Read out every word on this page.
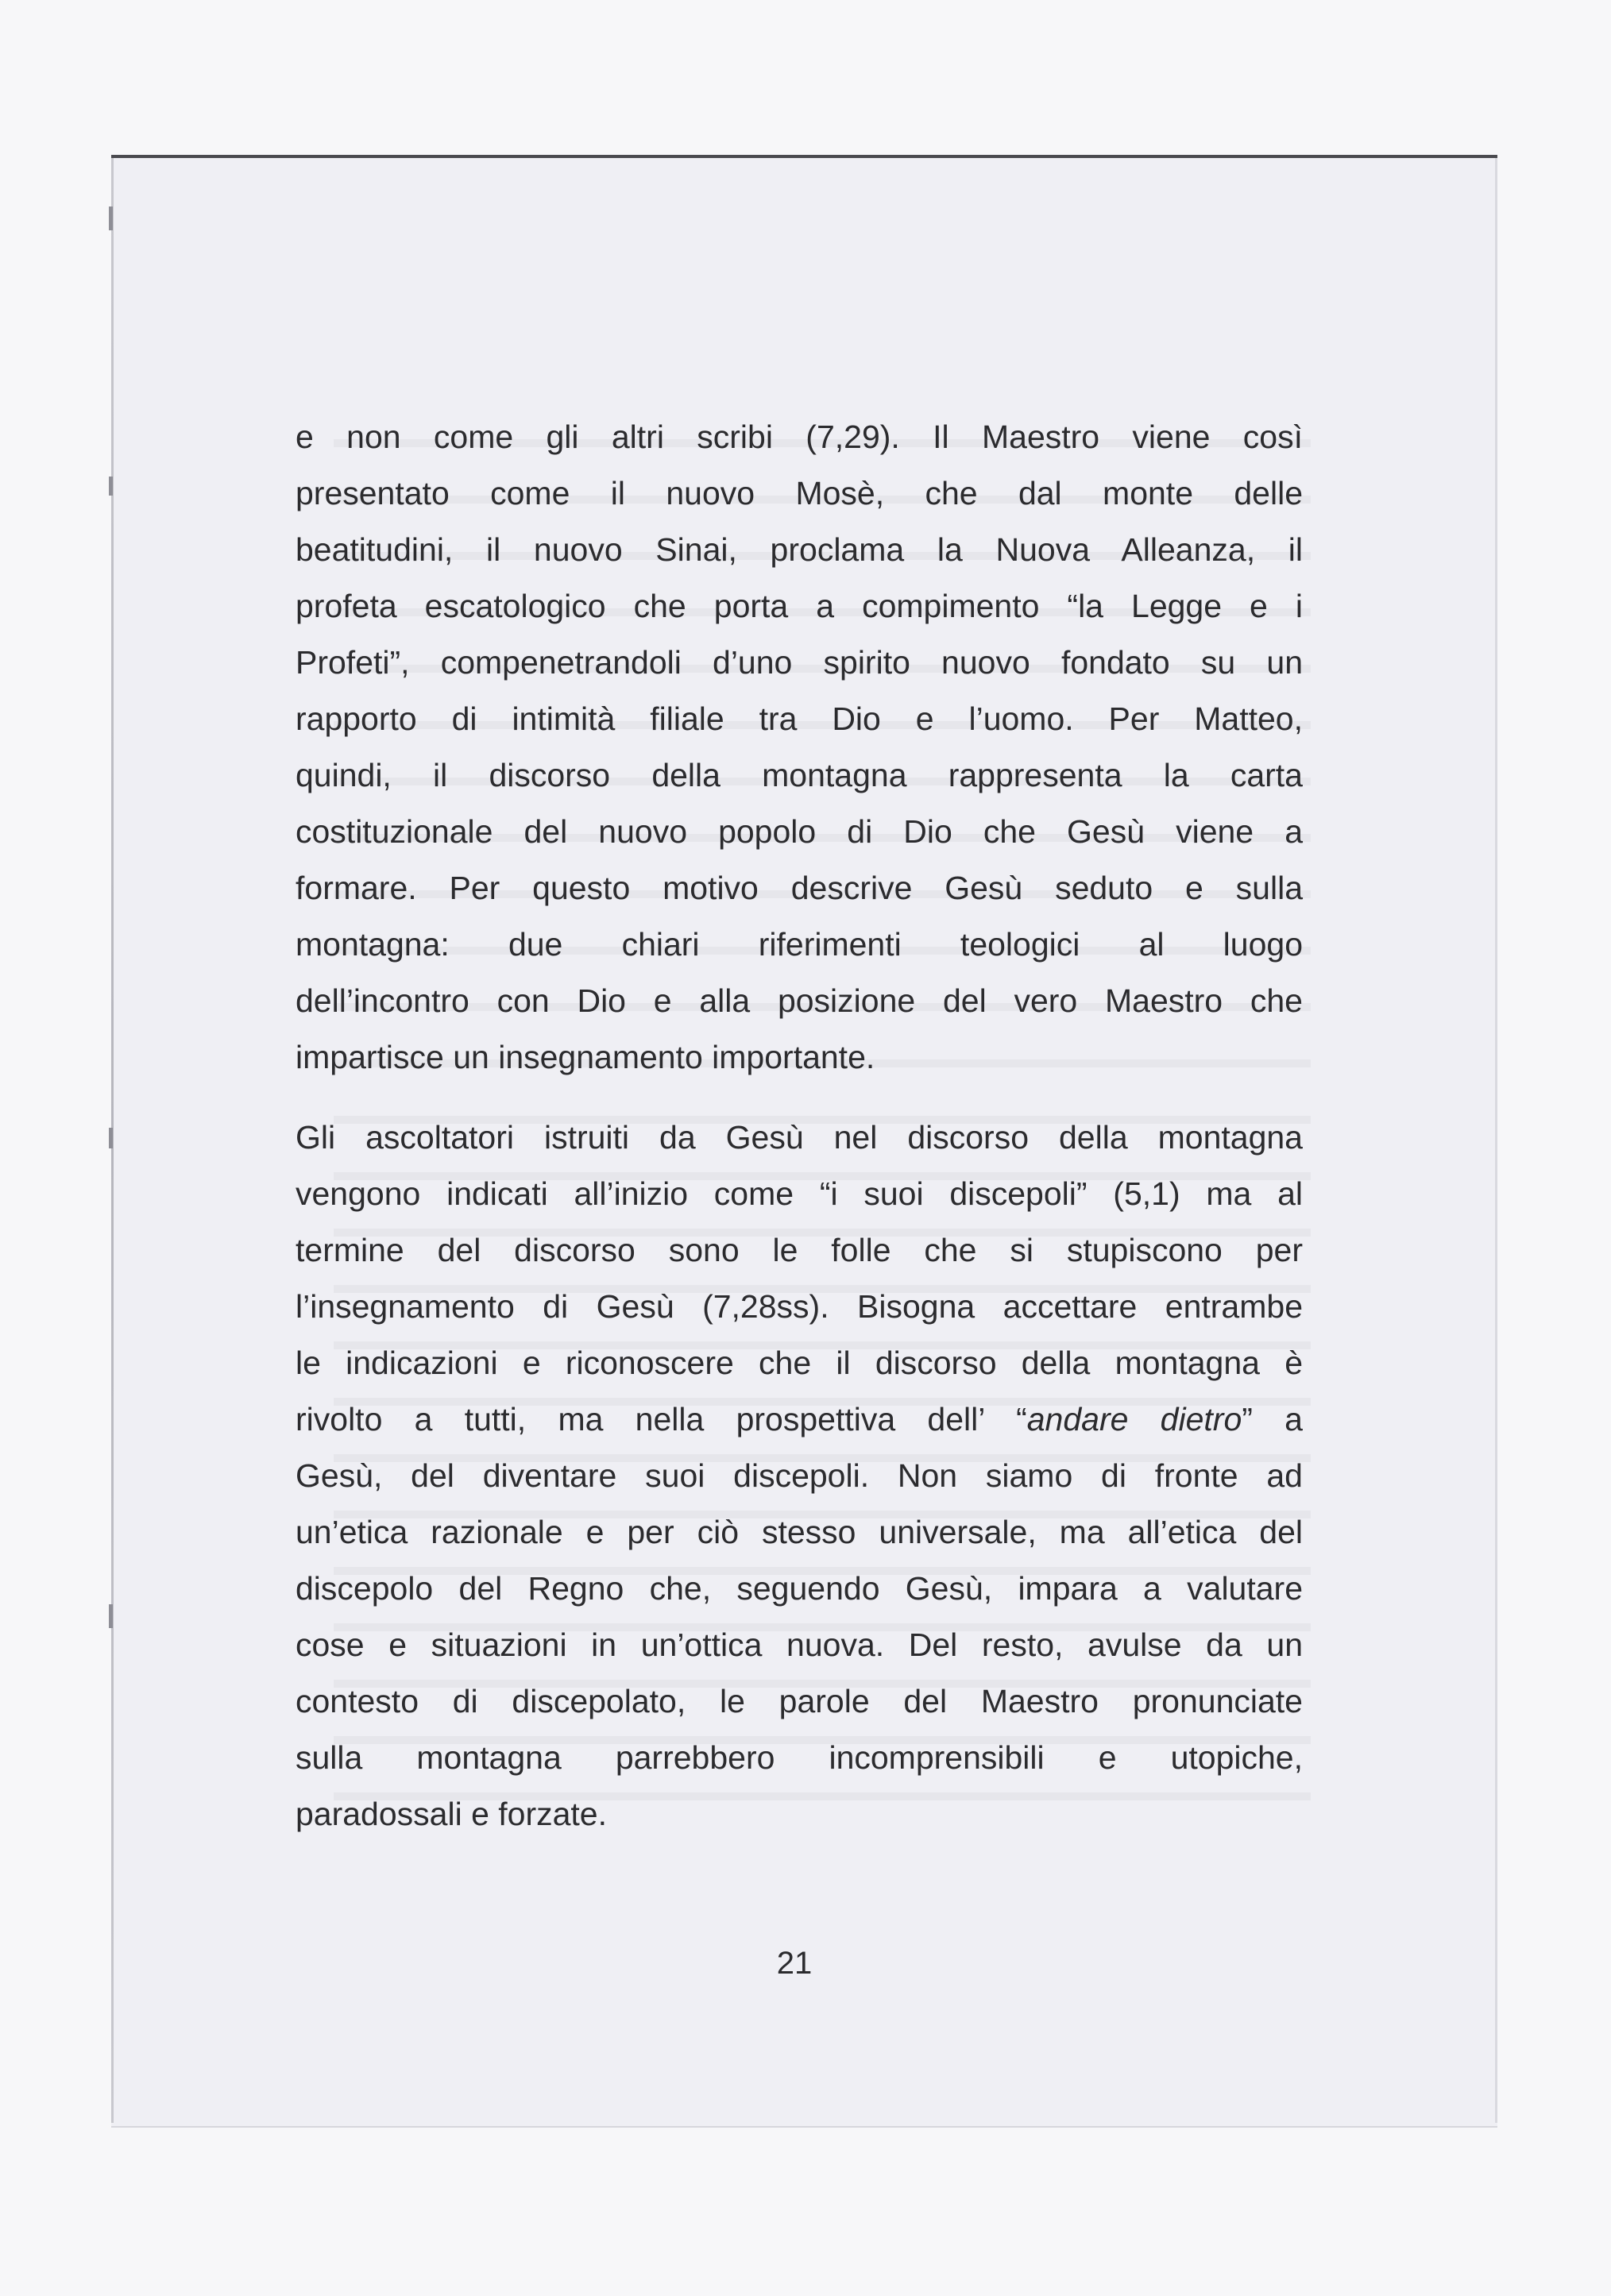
e non come gli altri scribi (7,29). Il Maestro viene così
presentato come il nuovo Mosè, che dal monte delle
beatitudini, il nuovo Sinai, proclama la Nuova Alleanza, il
profeta escatologico che porta a compimento “la Legge e i
Profeti”, compenetrandoli d’uno spirito nuovo fondato su un
rapporto di intimità filiale tra Dio e l’uomo. Per Matteo,
quindi, il discorso della montagna rappresenta la carta
costituzionale del nuovo popolo di Dio che Gesù viene a
formare. Per questo motivo descrive Gesù seduto e sulla
montagna: due chiari riferimenti teologici al luogo
dell’incontro con Dio e alla posizione del vero Maestro che
impartisce un insegnamento importante.
Gli ascoltatori istruiti da Gesù nel discorso della montagna
vengono indicati all’inizio come “i suoi discepoli” (5,1) ma al
termine del discorso sono le folle che si stupiscono per
l’insegnamento di Gesù (7,28ss). Bisogna accettare entrambe
le indicazioni e riconoscere che il discorso della montagna è
rivolto a tutti, ma nella prospettiva dell’ “andare dietro” a
Gesù, del diventare suoi discepoli. Non siamo di fronte ad
un’etica razionale e per ciò stesso universale, ma all’etica del
discepolo del Regno che, seguendo Gesù, impara a valutare
cose e situazioni in un’ottica nuova. Del resto, avulse da un
contesto di discepolato, le parole del Maestro pronunciate
sulla montagna parrebbero incomprensibili e utopiche,
paradossali e forzate.
21
